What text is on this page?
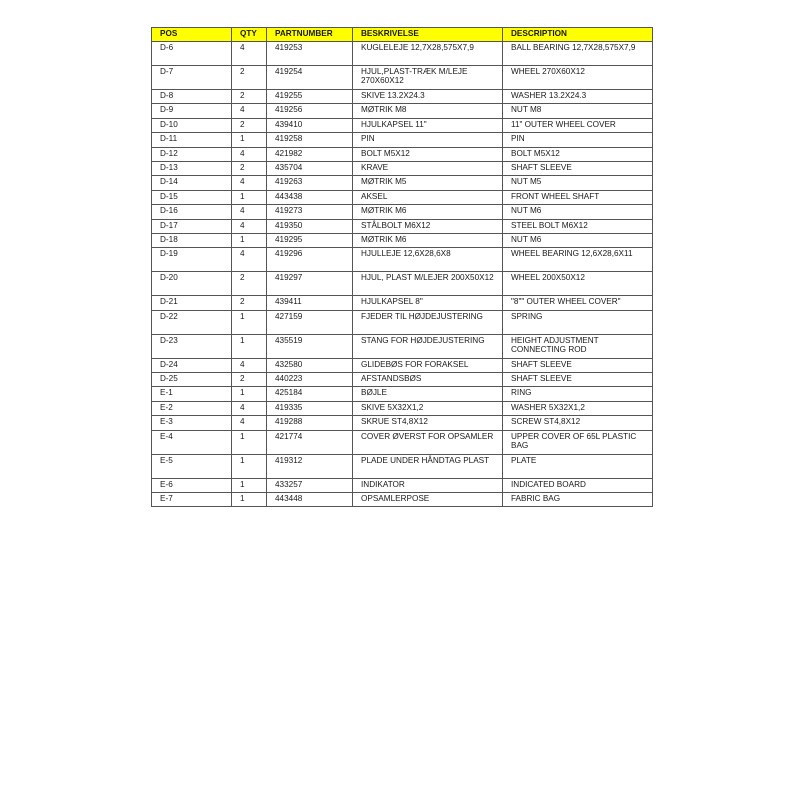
POS	QTY	PARTNUMBER	BESKRIVELSE	DESCRIPTION
D-6	4	419253	KUGLELEJE 12,7X28,575X7,9	BALL BEARING 12,7X28,575X7,9
D-7	2	419254	HJUL,PLAST-TRÆK M/LEJE 270X60X12	WHEEL 270X60X12
D-8	2	419255	SKIVE 13.2X24.3	WASHER 13.2X24.3
D-9	4	419256	MØTRIK M8	NUT M8
D-10	2	439410	HJULKAPSEL 11"	11" OUTER WHEEL COVER
D-11	1	419258	PIN	PIN
D-12	4	421982	BOLT M5X12	BOLT M5X12
D-13	2	435704	KRAVE	SHAFT SLEEVE
D-14	4	419263	MØTRIK M5	NUT M5
D-15	1	443438	AKSEL	FRONT WHEEL SHAFT
D-16	4	419273	MØTRIK M6	NUT M6
D-17	4	419350	STÅLBOLT M6X12	STEEL BOLT M6X12
D-18	1	419295	MØTRIK M6	NUT M6
D-19	4	419296	HJULLEJE 12,6X28,6X8	WHEEL BEARING 12,6X28,6X11
D-20	2	419297	HJUL, PLAST M/LEJER 200X50X12	WHEEL 200X50X12
D-21	2	439411	HJULKAPSEL 8"	"8"" OUTER WHEEL COVER"
D-22	1	427159	FJEDER TIL HØJDEJUSTERING	SPRING
D-23	1	435519	STANG FOR HØJDEJUSTERING	HEIGHT ADJUSTMENT CONNECTING ROD
D-24	4	432580	GLIDEBØS FOR FORAKSEL	SHAFT SLEEVE
D-25	2	440223	AFSTANDSBØS	SHAFT SLEEVE
E-1	1	425184	BØJLE	RING
E-2	4	419335	SKIVE 5X32X1,2	WASHER 5X32X1,2
E-3	4	419288	SKRUE ST4,8X12	SCREW ST4,8X12
E-4	1	421774	COVER ØVERST FOR OPSAMLER	UPPER COVER OF 65L PLASTIC BAG
E-5	1	419312	PLADE UNDER HÅNDTAG PLAST	PLATE
E-6	1	433257	INDIKATOR	INDICATED BOARD
E-7	1	443448	OPSAMLERPOSE	FABRIC BAG
